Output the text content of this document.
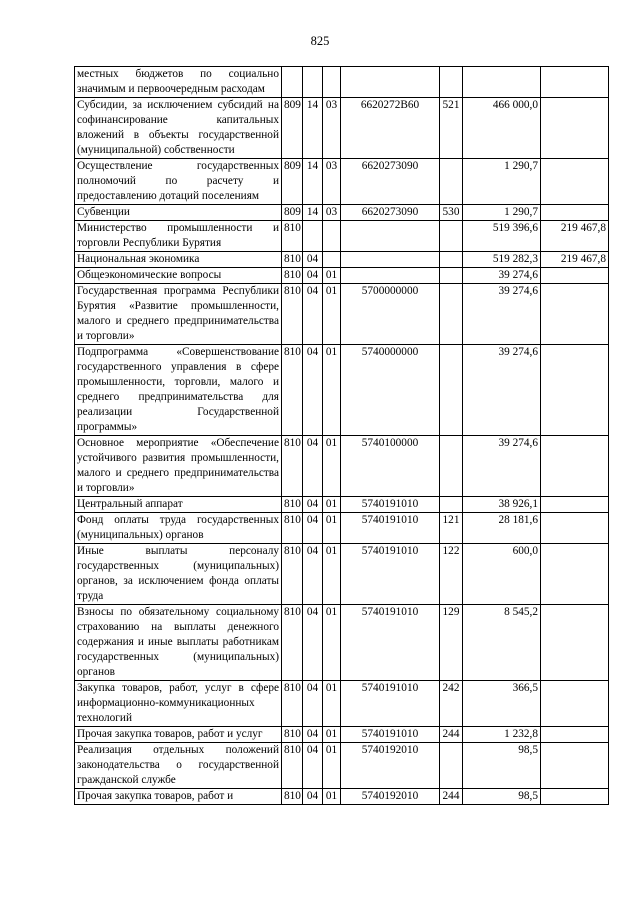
825
местных бюджетов по социально значимым и первоочередным расходам							
Субсидии, за исключением субсидий на софинансирование капитальных вложений в объекты государственной (муниципальной) собственности	809	14	03	6620272B60	521	466 000,0	
Осуществление государственных полномочий по расчету и предоставлению дотаций поселениям	809	14	03	6620273090		1 290,7	
Субвенции	809	14	03	6620273090	530	1 290,7	
Министерство промышленности и торговли Республики Бурятия	810					519 396,6	219 467,8
Национальная экономика	810	04				519 282,3	219 467,8
Общеэкономические вопросы	810	04	01			39 274,6	
Государственная программа Республики Бурятия «Развитие промышленности, малого и среднего предпринимательства и торговли»	810	04	01	5700000000		39 274,6	
Подпрограмма «Совершенствование государственного управления в сфере промышленности, торговли, малого и среднего предпринимательства для реализации Государственной программы»	810	04	01	5740000000		39 274,6	
Основное мероприятие «Обеспечение устойчивого развития промышленности, малого и среднего предпринимательства и торговли»	810	04	01	5740100000		39 274,6	
Центральный аппарат	810	04	01	5740191010		38 926,1	
Фонд оплаты труда государственных (муниципальных) органов	810	04	01	5740191010	121	28 181,6	
Иные выплаты персоналу государственных (муниципальных) органов, за исключением фонда оплаты труда	810	04	01	5740191010	122	600,0	
Взносы по обязательному социальному страхованию на выплаты денежного содержания и иные выплаты работникам государственных (муниципальных) органов	810	04	01	5740191010	129	8 545,2	
Закупка товаров, работ, услуг в сфере информационно-коммуникационных технологий	810	04	01	5740191010	242	366,5	
Прочая закупка товаров, работ и услуг	810	04	01	5740191010	244	1 232,8	
Реализация отдельных положений законодательства о государственной гражданской службе	810	04	01	5740192010		98,5	
Прочая закупка товаров, работ и	810	04	01	5740192010	244	98,5	
